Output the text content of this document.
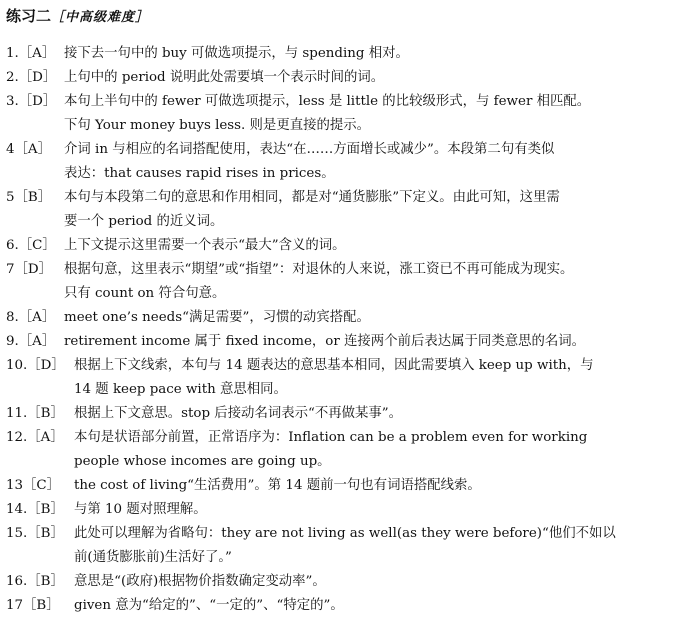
练习二［中高级难度］
1.［A］ 接下去一句中的 buy 可做选项提示，与 spending 相对。
2.［D］ 上句中的 period 说明此处需要填一个表示时间的词。
3.［D］ 本句上半句中的 fewer 可做选项提示，less 是 little 的比较级形式，与 fewer 相匹配。
下句 Your money buys less. 则是更直接的提示。
4［A］ 介词 in 与相应的名词搭配使用，表达“在……方面增长或减少”。本段第二句有类似
表达：that causes rapid rises in prices。
5［B］ 本句与本段第二句的意思和作用相同，都是对“通货膨胀”下定义。由此可知，这里需
要一个 period 的近义词。
6.［C］ 上下文提示这里需要一个表示“最大”含义的词。
7［D］ 根据句意，这里表示“期望”或“指望”：对退休的人来说，涨工资已不再可能成为现实。
只有 count on 符合句意。
8.［A］ meet one’s needs“满足需要”，习惯的动宾搭配。
9.［A］ retirement income 属于 fixed income，or 连接两个前后表达属于同类意思的名词。
10.［D］ 根据上下文线索，本句与 14 题表达的意思基本相同，因此需要填入 keep up with，与
14 题 keep pace with 意思相同。
11.［B］ 根据上下文意思。stop 后接动名词表示“不再做某事”。
12.［A］ 本句是状语部分前置，正常语序为：Inflation can be a problem even for working
people whose incomes are going up。
13［C］	the cost of living“生活费用”。第 14 题前一句也有词语搭配线索。
14.［B］ 与第 10 题对照理解。
15.［B］ 此处可以理解为省略句：they are not living as well(as they were before)“他们不如以
前(通货膨胀前)生活好了。”
16.［B］ 意思是“(政府)根据物价指数确定变动率”。
17［B］	given 意为“给定的”、“一定的”、“特定的”。
